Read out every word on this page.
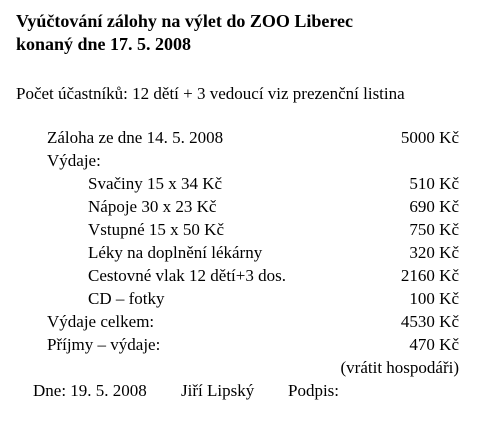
Vyúčtování zálohy na výlet do ZOO Liberec
konaný dne 17. 5. 2008
Počet účastníků: 12 dětí + 3 vedoucí viz prezenční listina
Záloha ze dne 14. 5. 2008	5000 Kč
Výdaje:
Svačiny 15 x 34 Kč	510 Kč
Nápoje 30 x 23 Kč	690 Kč
Vstupné 15 x 50 Kč	750 Kč
Léky na doplnění lékárny	320 Kč
Cestovné vlak 12 dětí+3 dos.	2160 Kč
CD – fotky	100 Kč
Výdaje celkem:	4530 Kč
Příjmy – výdaje:	470 Kč
(vrátit hospodáři)
Dne: 19. 5. 2008 Jiří Lipský Podpis:
